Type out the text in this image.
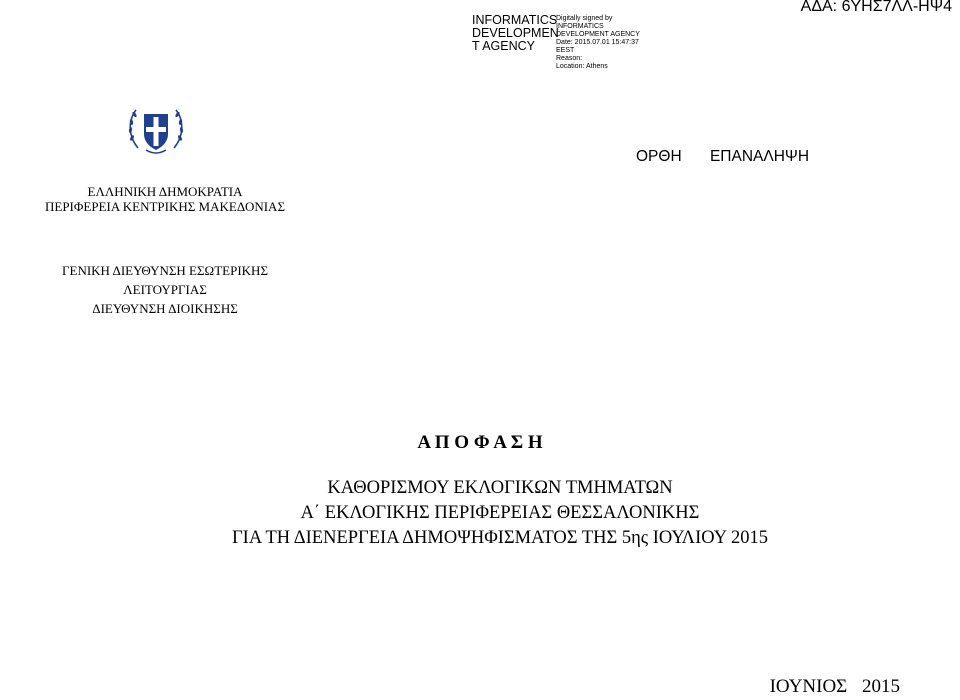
INFORMATICS
DEVELOPMEN
T AGENCY
Digitally signed by
INFORMATICS
DEVELOPMENT AGENCY
Date: 2015.07.01 15:47:37
EEST
Reason:
Location: Athens
ΑΔΑ: 6ΥΗΣ7ΛΛ-ΗΨ4
ΟΡΘΗ ΕΠΑΝΑΛΗΨΗ
ΕΛΛΗΝΙΚΗ ΔΗΜΟΚΡΑΤΙΑ
ΠΕΡΙΦΕΡΕΙΑ ΚΕΝΤΡΙΚΗΣ ΜΑΚΕΔΟΝΙΑΣ
ΓΕΝΙΚΗ ΔΙΕΥΘΥΝΣΗ ΕΣΩΤΕΡΙΚΗΣ
ΛΕΙΤΟΥΡΓΙΑΣ
ΔΙΕΥΘΥΝΣΗ ΔΙΟΙΚΗΣΗΣ
Α Π Ο Φ Α Σ Η
ΚΑΘΟΡΙΣΜΟΥ ΕΚΛΟΓΙΚΩΝ ΤΜΗΜΑΤΩΝ
Α΄ ΕΚΛΟΓΙΚΗΣ ΠΕΡΙΦΕΡΕΙΑΣ ΘΕΣΣΑΛΟΝΙΚΗΣ
ΓΙΑ ΤΗ ΔΙΕΝΕΡΓΕΙΑ ΔΗΜΟΨΗΦΙΣΜΑΤΟΣ ΤΗΣ 5ης ΙΟΥΛΙΟΥ 2015
ΙΟΥΝΙΟΣ 2015
